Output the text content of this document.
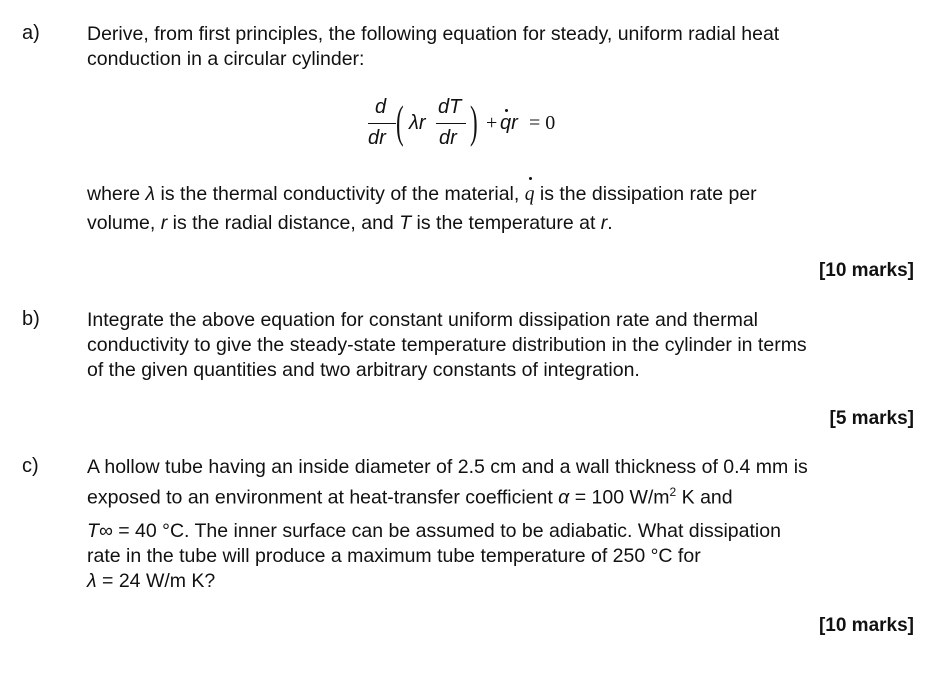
a) Derive, from first principles, the following equation for steady, uniform radial heat
conduction in a circular cylinder:
d
dr ( λr
dT
dr ) + qr = 0
where λ is the thermal conductivity of the material, q is the dissipation rate per
volume, r is the radial distance, and T is the temperature at r.
[10 marks]
b) Integrate the above equation for constant uniform dissipation rate and thermal
conductivity to give the steady-state temperature distribution in the cylinder in terms
of the given quantities and two arbitrary constants of integration.
[5 marks]
c) A hollow tube having an inside diameter of 2.5 cm and a wall thickness of 0.4 mm is
exposed to an environment at heat-transfer coefficient α = 100 $W/m^2$ K and
T∞ = 40 °C. The inner surface can be assumed to be adiabatic. What dissipation
rate in the tube will produce a maximum tube temperature of 250 °C for
λ = 24 W/m K?
[10 marks]
